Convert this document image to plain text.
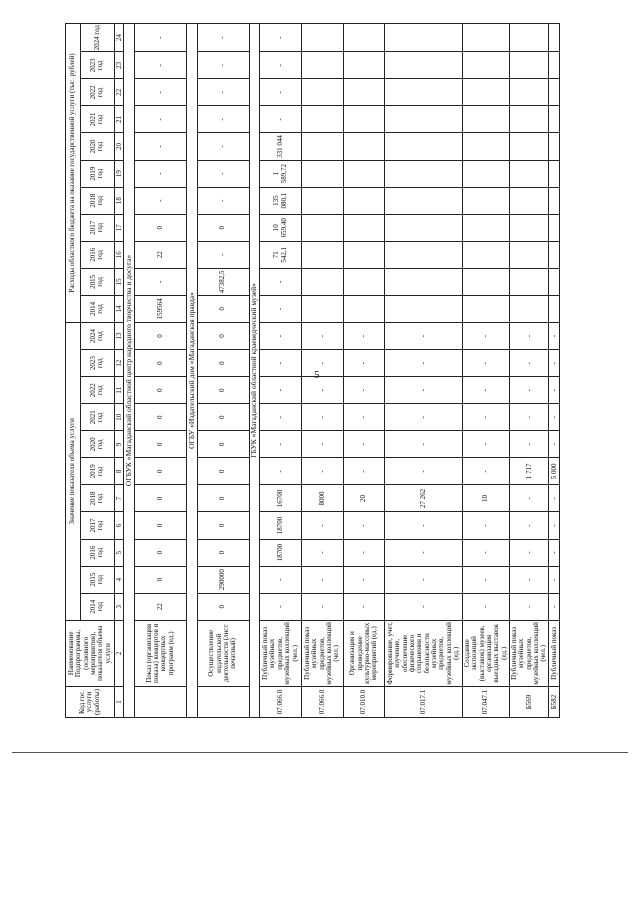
5
Код гос. услуги (работы)	Наименование Подпрограммы, (основного мероприятия), показателя объема услуги	Значение показателя объема услуги											Расходы областного бюджета на оказание государственной услуги (тыс. рублей)										
		2014 год	2015 год	2016 год	2017 год	2018 год	2019 год	2020 год	2021 год	2022 год	2023 год	2024 год	2014 год	2015 год	2016 год	2017 год	2018 год	2019 год	2020 год	2021 год	2022 год	2023 год	2024 год
1	2	3	4	5	6	7	8	9	10	11	12	13	14	15	16	17	18	19	20	21	22	23	24
ОГБУК «Магаданский областной центр народного творчества и досуга»																							
	Показ (организация показа) концертов и концертных программ (ед.)	22	0	0	0	0	0	0	0	0	0	0	159564	-	22	0	-	-	-	-	-	-	-
ОГБУ «Издательский дом «Магаданская правда»																							
	Осуществление издательской деятельности (лист печатный)	0	290000	0	0	0	0	0	0	0	0	0	0	47382,5	-	0	-	-	-	-	-	-	-
ГБУК «Магаданский областной краеведческий музей»																							
07.066.0	Публичный показ музейных предметов, музейных коллекций (чел.)	-	-	18700	18700	16700	-	-	-	-	-	-	-	-	71 542,1	10 659,40	135 080,1	1 589,72	331 044	-	-	-	-
07.066.0	Публичный показ музейных предметов, музейных коллекций (чел.)	-	-	-	-	8000	-	-	-	-	-	-											
07.010.0	Организация и проведение культурно-массовых мероприятий (ед.)	-	-	-	-	20	-	-	-	-	-	-											
07.017.1	Формирование, учет, изучение, обеспечение физического сохранения и безопасности музейных предметов, музейных коллекций (ед.)	-	-	-	-	27 262	-	-	-	-	-	-											
07.047.1	Создание экспозиций (выставок) музеев, организация выездных выставок (ед.)	-	-	-	-	10	-	-	-	-	-	-											
Б569	Публичный показ музейных предметов, музейных коллекций (чел.)	-	-	-	-	-	1 717	-	-	-	-	-											
Б582	Публичный показ	-	-	-	-	-	5 000	-	-	-	-	-											
